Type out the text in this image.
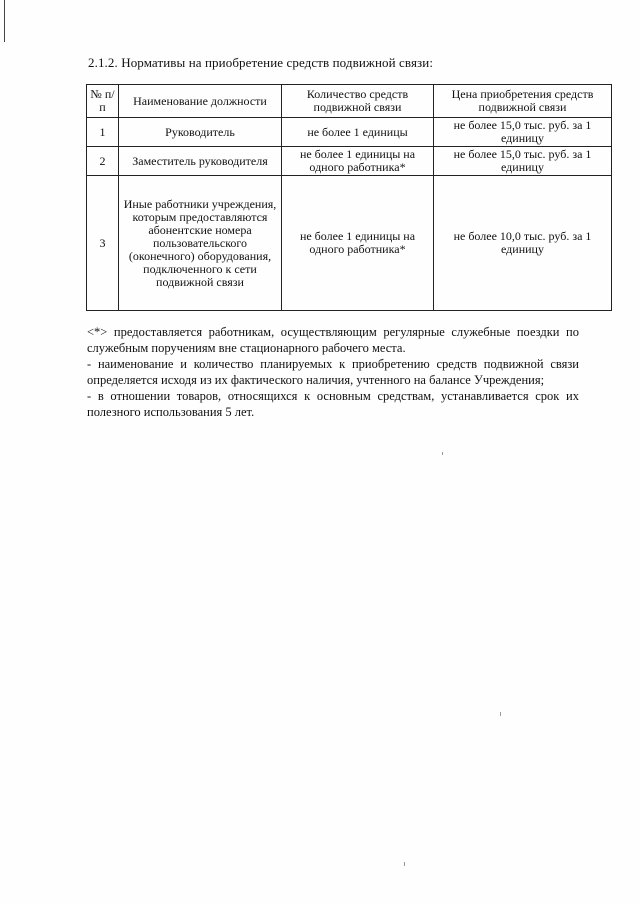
2.1.2. Нормативы на приобретение средств подвижной связи:
№ п/п	Наименование должности	Количество средств подвижной связи	Цена приобретения средств подвижной связи
1	Руководитель	не более 1 единицы	не более 15,0 тыс. руб. за 1 единицу
2	Заместитель руководителя	не более 1 единицы на одного работника*	не более 15,0 тыс. руб. за 1 единицу
3	Иные работники учреждения, которым предоставляются абонентские номера пользовательского (оконечного) оборудования, подключенного к сети подвижной связи	не более 1 единицы на одного работника*	не более 10,0 тыс. руб. за 1 единицу

<*> предоставляется работникам, осуществляющим регулярные служебные поездки по служебным поручениям вне стационарного рабочего места.

- наименование и количество планируемых к приобретению средств подвижной связи определяется исходя из их фактического наличия, учтенного на балансе Учреждения;

- в отношении товаров, относящихся к основным средствам, устанавливается срок их полезного использования 5 лет.
